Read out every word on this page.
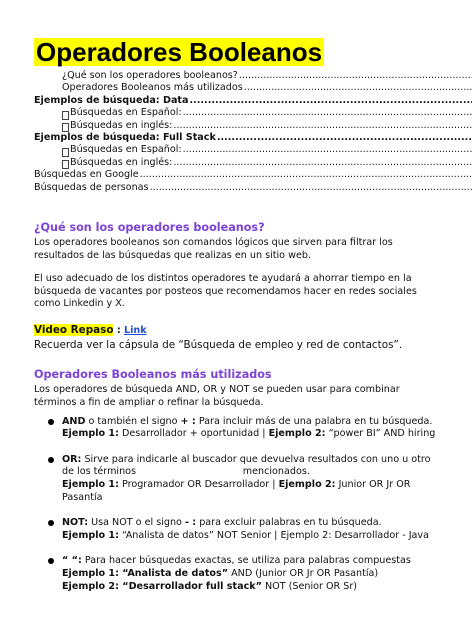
Operadores Booleanos
¿Qué son los operadores booleanos?
.....
Operadores Booleanos más utilizados
.....
Ejemplos de búsqueda: Data
.....
Búsquedas en Español:
.....
Búsquedas en inglés:
.....
Ejemplos de búsqueda: Full Stack
.....
Búsquedas en Español:
.....
Búsquedas en inglés:
.....
Búsquedas en Google
.....
Búsquedas de personas
.....
¿Qué son los operadores booleanos?

Los operadores booleanos son comandos lógicos que sirven para filtrar los resultados de las búsquedas que realizas en un sitio web.

El uso adecuado de los distintos operadores te ayudará a ahorrar tiempo en la búsqueda de vacantes por posteos que recomendamos hacer en redes sociales como Linkedin y X.

Video Repaso : Link

Recuerda ver la cápsula de “Búsqueda de empleo y red de contactos”.

Operadores Booleanos más utilizados

Los operadores de búsqueda AND, OR y NOT se pueden usar para combinar términos a fin de ampliar o refinar la búsqueda.

AND o también el signo + : Para incluir más de una palabra en tu búsqueda.
Ejemplo 1: Desarrollador + oportunidad | Ejemplo 2: “power BI” AND hiring
OR: Sirve para indicarle al buscador que devuelva resultados con uno u otro de los términos                                   mencionados.
Ejemplo 1: Programador OR Desarrollador | Ejemplo 2: Junior OR Jr OR Pasantía
NOT: Usa NOT o el signo - : para excluir palabras en tu búsqueda.
Ejemplo 1: “Analista de datos” NOT Senior | Ejemplo 2: Desarrollador - Java
“ “: Para hacer búsquedas exactas, se utiliza para palabras compuestas
Ejemplo 1: “Analista de datos” AND (Junior OR Jr OR Pasantía)
Ejemplo 2: “Desarrollador full stack” NOT (Senior OR Sr)
